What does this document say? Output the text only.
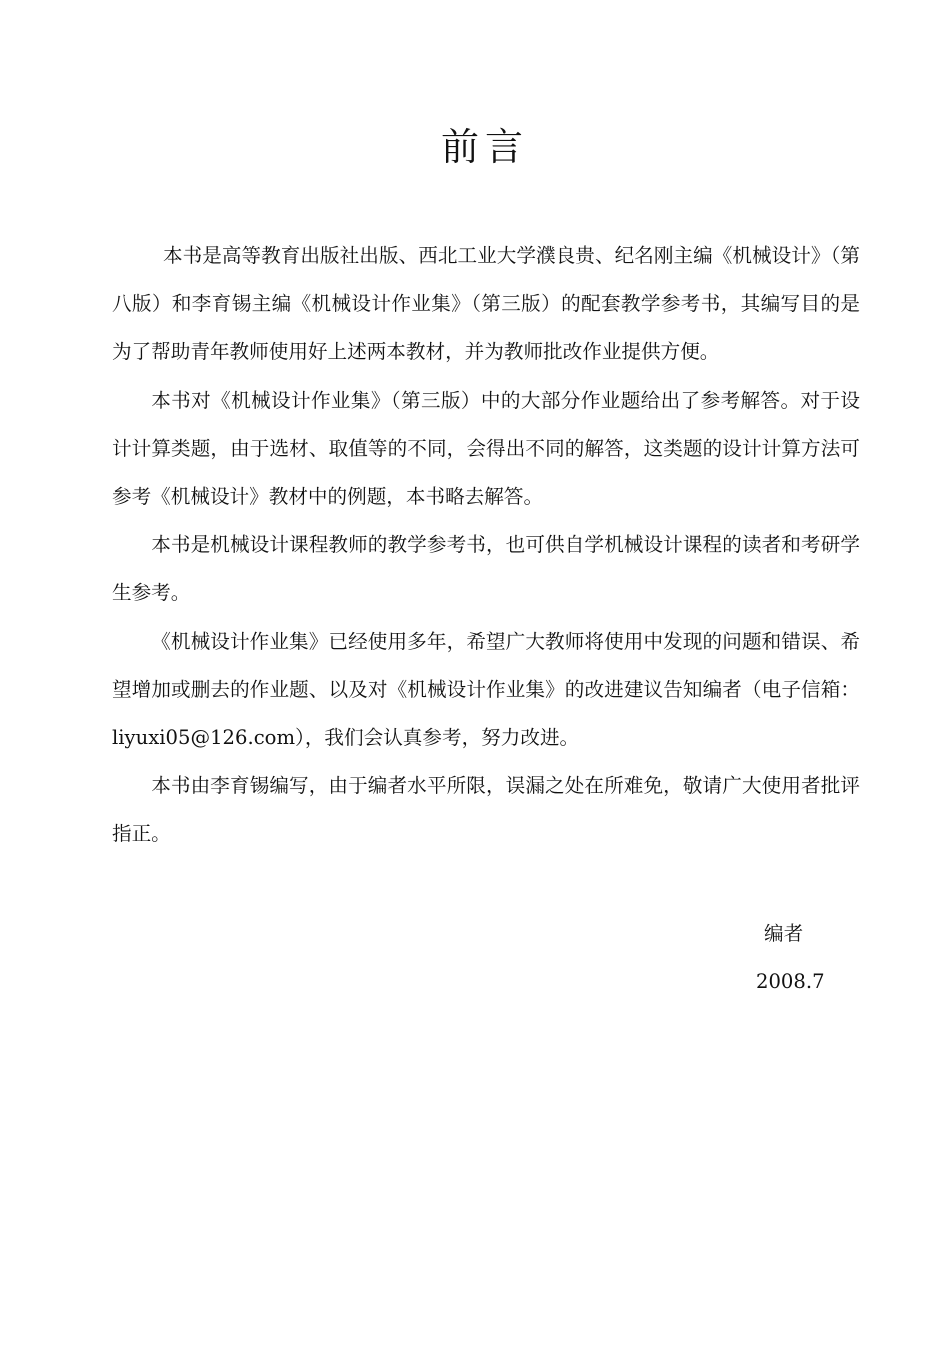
前言

本书是高等教育出版社出版、西北工业大学濮良贵、纪名刚主编《机械设计》（第八版）和李育锡主编《机械设计作业集》（第三版）的配套教学参考书，其编写目的是为了帮助青年教师使用好上述两本教材，并为教师批改作业提供方便。

本书对《机械设计作业集》（第三版）中的大部分作业题给出了参考解答。对于设计计算类题，由于选材、取值等的不同，会得出不同的解答，这类题的设计计算方法可参考《机械设计》教材中的例题，本书略去解答。

本书是机械设计课程教师的教学参考书，也可供自学机械设计课程的读者和考研学生参考。

《机械设计作业集》已经使用多年，希望广大教师将使用中发现的问题和错误、希望增加或删去的作业题、以及对《机械设计作业集》的改进建议告知编者（电子信箱：liyuxi05@126.com），我们会认真参考，努力改进。

本书由李育锡编写，由于编者水平所限，误漏之处在所难免，敬请广大使用者批评指正。

编者
2008.7
